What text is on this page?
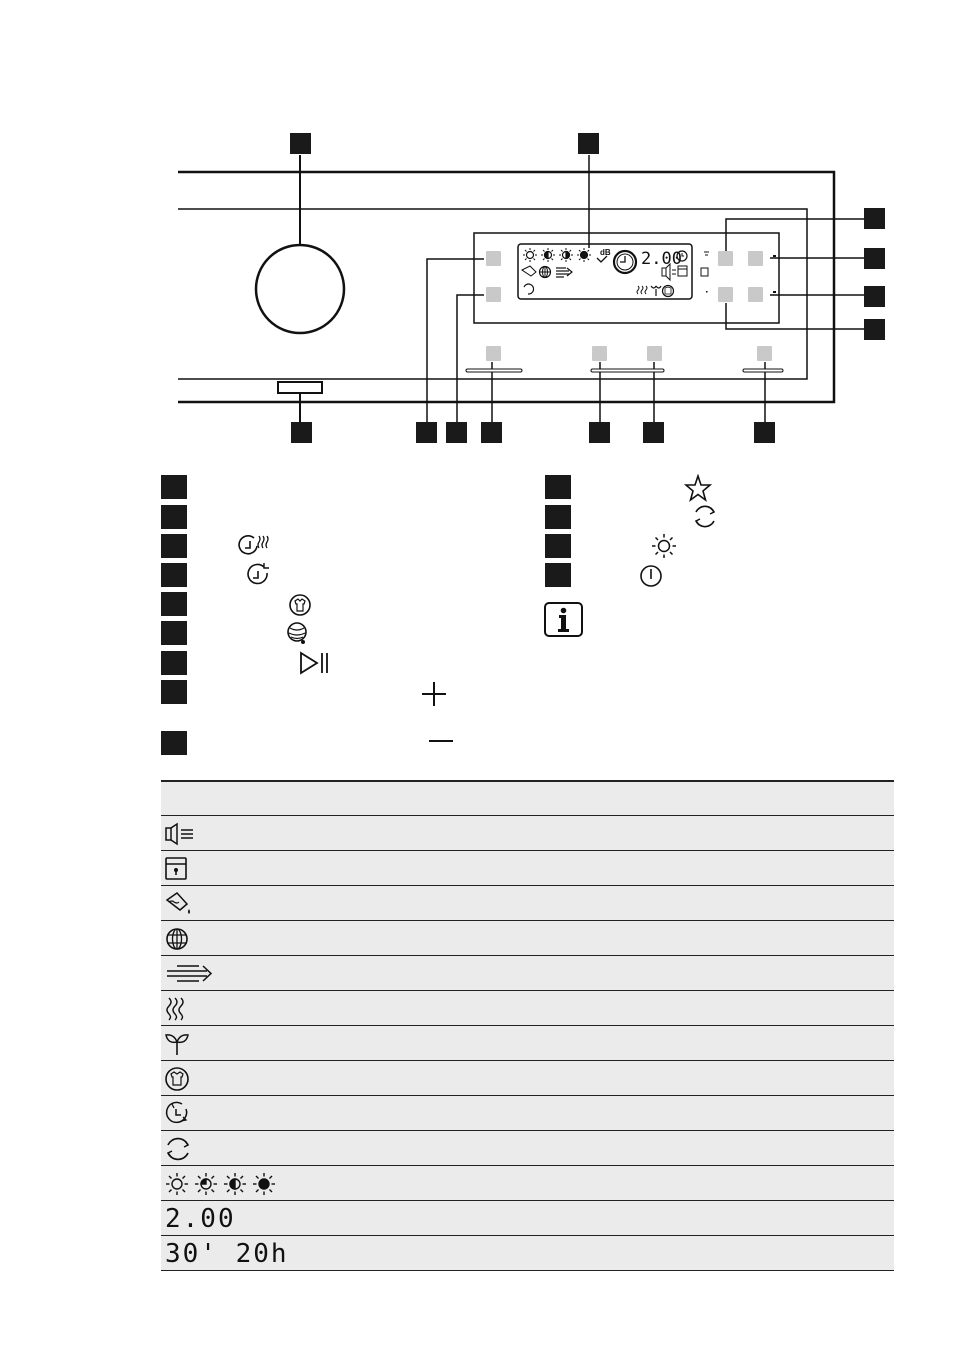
dB 2.00
2.00
30' 20h
